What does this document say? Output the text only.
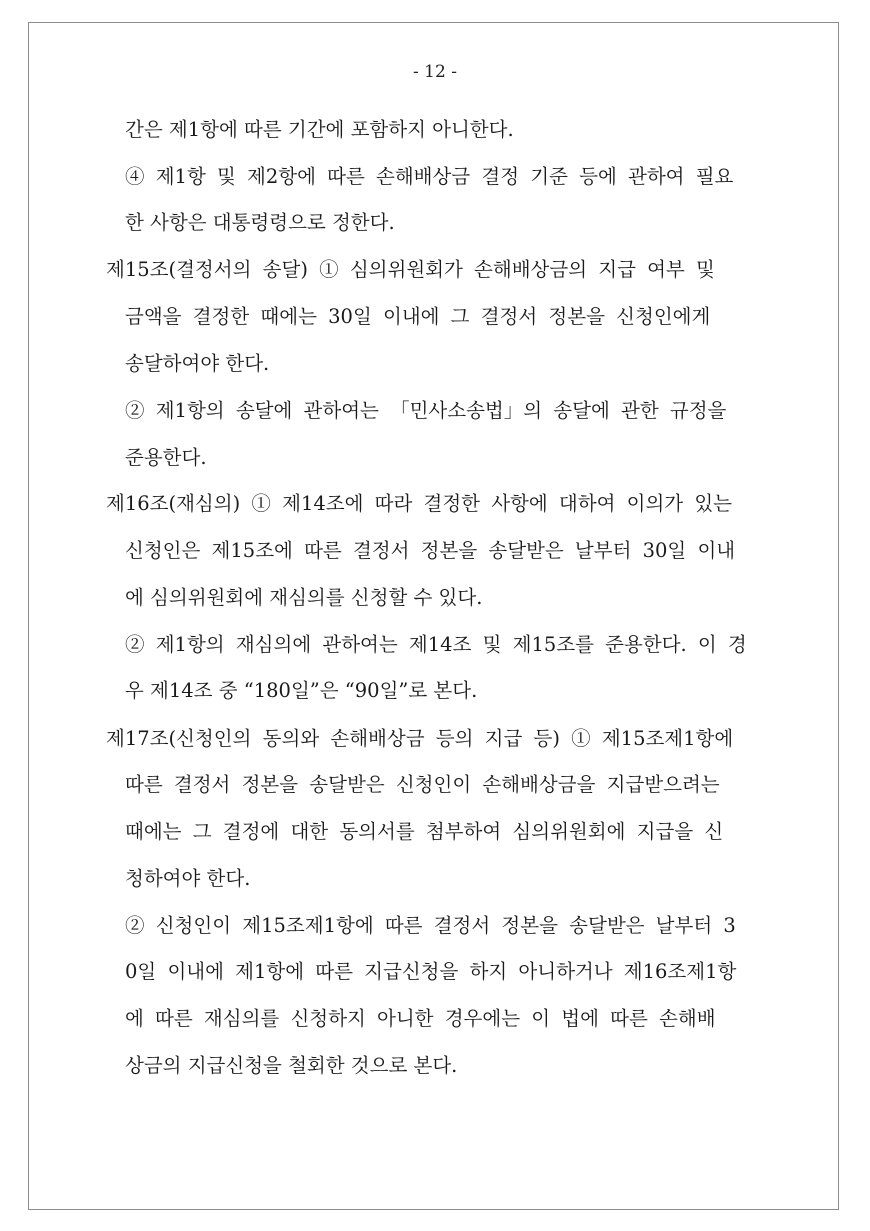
- 12 -
간은 제1항에 따른 기간에 포함하지 아니한다.
④ 제1항 및 제2항에 따른 손해배상금 결정 기준 등에 관하여 필요
한 사항은 대통령령으로 정한다.
제15조(결정서의 송달) ① 심의위원회가 손해배상금의 지급 여부 및
금액을 결정한 때에는 30일 이내에 그 결정서 정본을 신청인에게
송달하여야 한다.
② 제1항의 송달에 관하여는 「민사소송법」의 송달에 관한 규정을
준용한다.
제16조(재심의) ① 제14조에 따라 결정한 사항에 대하여 이의가 있는
신청인은 제15조에 따른 결정서 정본을 송달받은 날부터 30일 이내
에 심의위원회에 재심의를 신청할 수 있다.
② 제1항의 재심의에 관하여는 제14조 및 제15조를 준용한다. 이 경
우 제14조 중 “180일”은 “90일”로 본다.
제17조(신청인의 동의와 손해배상금 등의 지급 등) ① 제15조제1항에
따른 결정서 정본을 송달받은 신청인이 손해배상금을 지급받으려는
때에는 그 결정에 대한 동의서를 첨부하여 심의위원회에 지급을 신
청하여야 한다.
② 신청인이 제15조제1항에 따른 결정서 정본을 송달받은 날부터 3
0일 이내에 제1항에 따른 지급신청을 하지 아니하거나 제16조제1항
에 따른 재심의를 신청하지 아니한 경우에는 이 법에 따른 손해배
상금의 지급신청을 철회한 것으로 본다.
